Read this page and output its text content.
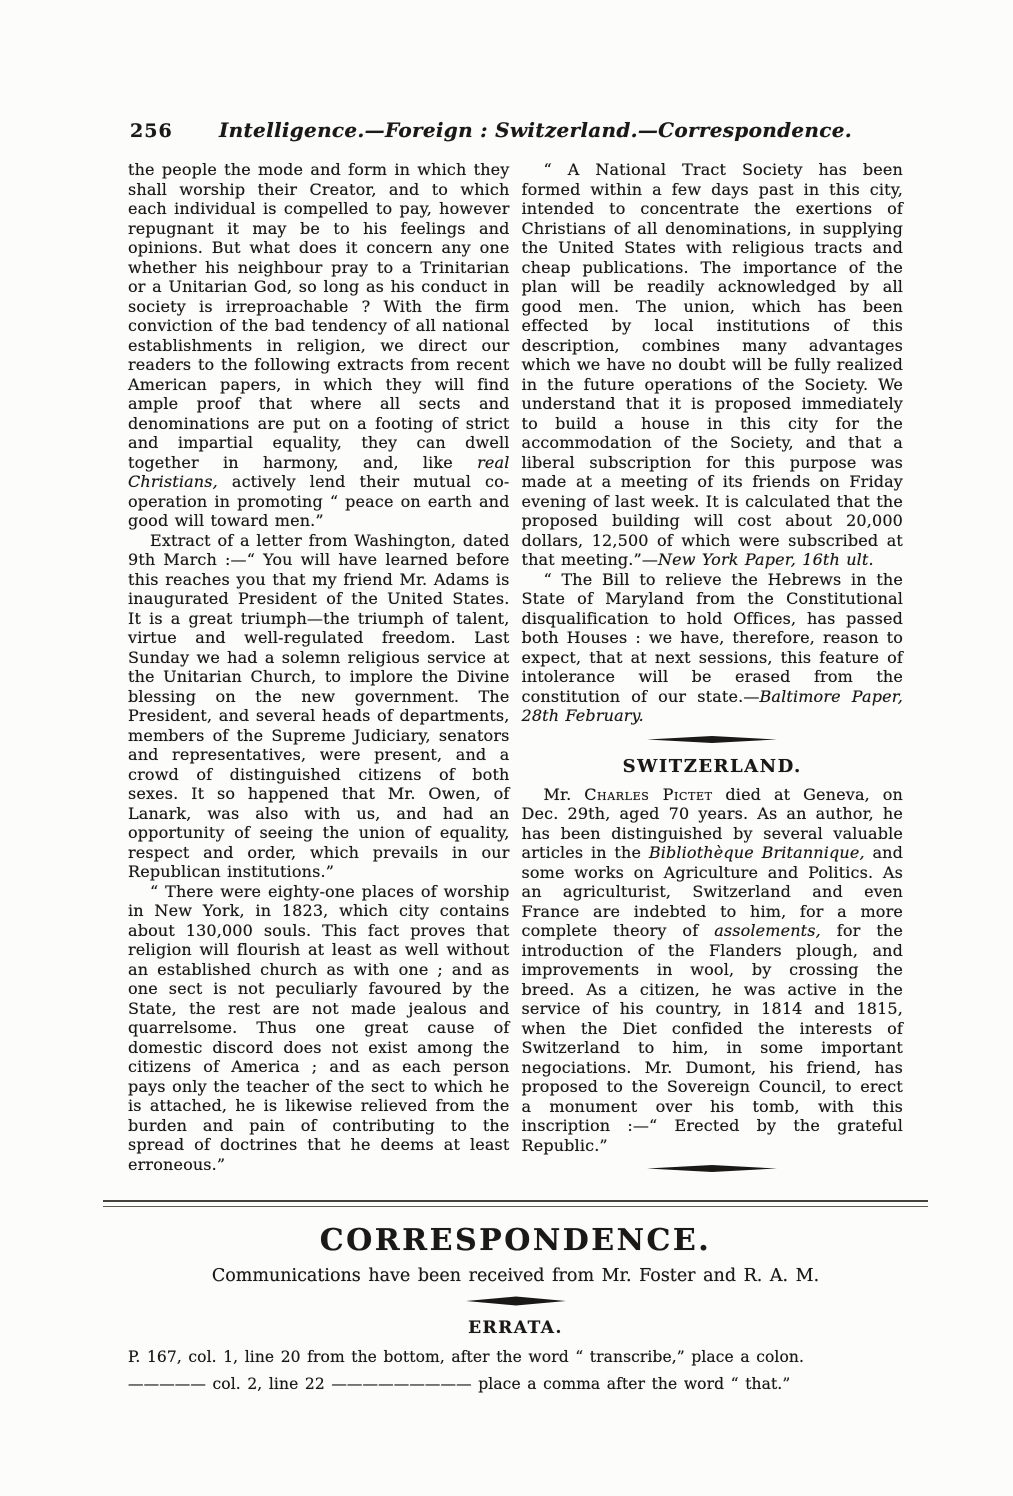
256	Intelligence.—Foreign : Switzerland.—Correspondence.

the people the mode and form in which they shall worship their Creator, and to which each individual is compelled to pay, however repugnant it may be to his feelings and opinions. But what does it concern any one whether his neighbour pray to a Trinitarian or a Unitarian God, so long as his conduct in society is irreproachable ? With the firm conviction of the bad tendency of all national establishments in religion, we direct our readers to the following extracts from recent American papers, in which they will find ample proof that where all sects and denominations are put on a footing of strict and impartial equality, they can dwell together in harmony, and, like real Christians, actively lend their mutual co-operation in promoting “ peace on earth and good will toward men.”

Extract of a letter from Washington, dated 9th March :—“ You will have learned before this reaches you that my friend Mr. Adams is inaugurated President of the United States. It is a great triumph—the triumph of talent, virtue and well-regulated freedom. Last Sunday we had a solemn religious service at the Unitarian Church, to implore the Divine blessing on the new government. The President, and several heads of departments, members of the Supreme Judiciary, senators and representatives, were present, and a crowd of distinguished citizens of both sexes. It so happened that Mr. Owen, of Lanark, was also with us, and had an opportunity of seeing the union of equality, respect and order, which prevails in our Republican institutions.”

“ There were eighty-one places of worship in New York, in 1823, which city contains about 130,000 souls. This fact proves that religion will flourish at least as well without an established church as with one ; and as one sect is not peculiarly favoured by the State, the rest are not made jealous and quarrelsome. Thus one great cause of domestic discord does not exist among the citizens of America ; and as each person pays only the teacher of the sect to which he is attached, he is likewise relieved from the burden and pain of contributing to the spread of doctrines that he deems at least erroneous.”

“ A National Tract Society has been formed within a few days past in this city, intended to concentrate the exertions of Christians of all denominations, in supplying the United States with religious tracts and cheap publications. The importance of the plan will be readily acknowledged by all good men. The union, which has been effected by local institutions of this description, combines many advantages which we have no doubt will be fully realized in the future operations of the Society. We understand that it is proposed immediately to build a house in this city for the accommodation of the Society, and that a liberal subscription for this purpose was made at a meeting of its friends on Friday evening of last week. It is calculated that the proposed building will cost about 20,000 dollars, 12,500 of which were subscribed at that meeting.”—New York Paper, 16th ult.

“ The Bill to relieve the Hebrews in the State of Maryland from the Constitutional disqualification to hold Offices, has passed both Houses : we have, therefore, reason to expect, that at next sessions, this feature of intolerance will be erased from the constitution of our state.—Baltimore Paper, 28th February.

SWITZERLAND.

Mr. Charles Pictet died at Geneva, on Dec. 29th, aged 70 years. As an author, he has been distinguished by several valuable articles in the Bibliothèque Britannique, and some works on Agriculture and Politics. As an agriculturist, Switzerland and even France are indebted to him, for a more complete theory of assolements, for the introduction of the Flanders plough, and improvements in wool, by crossing the breed. As a citizen, he was active in the service of his country, in 1814 and 1815, when the Diet confided the interests of Switzerland to him, in some important negociations. Mr. Dumont, his friend, has proposed to the Sovereign Council, to erect a monument over his tomb, with this inscription :—“ Erected by the grateful Republic.”

CORRESPONDENCE.
Communications have been received from Mr. Foster and R. A. M.
ERRATA.
P. 167, col. 1, line 20 from the bottom, after the word “ transcribe,” place a colon.
————— col. 2, line 22 ————————— place a comma after the word “ that.”
